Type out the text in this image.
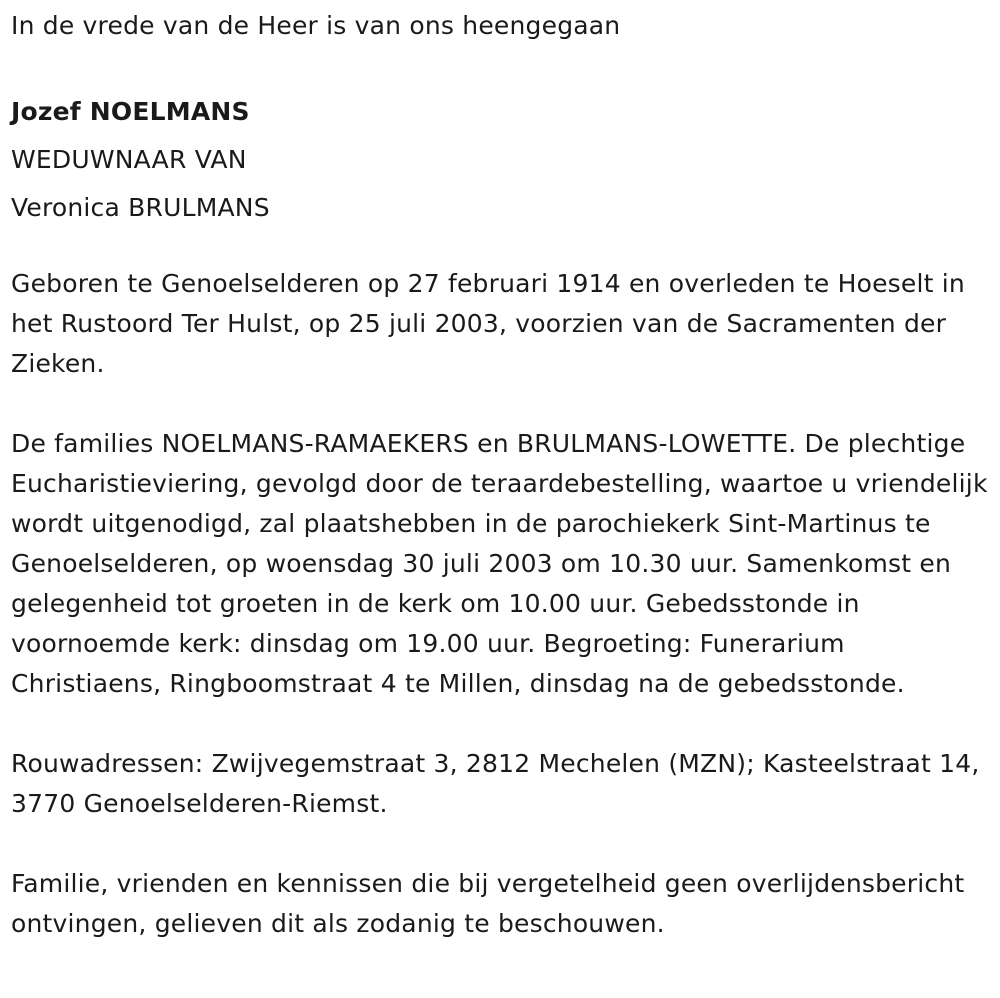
In de vrede van de Heer is van ons heengegaan

Jozef NOELMANS
WEDUWNAAR VAN
Veronica BRULMANS

Geboren te Genoelselderen op 27 februari 1914 en overleden te Hoeselt in het Rustoord Ter Hulst, op 25 juli 2003, voorzien van de Sacramenten der Zieken.

De families NOELMANS-RAMAEKERS en BRULMANS-LOWETTE. De plechtige Eucharistieviering, gevolgd door de teraardebestelling, waartoe u vriendelijk wordt uitgenodigd, zal plaatshebben in de parochiekerk Sint-Martinus te Genoelselderen, op woensdag 30 juli 2003 om 10.30 uur. Samenkomst en gelegenheid tot groeten in de kerk om 10.00 uur. Gebedsstonde in voornoemde kerk: dinsdag om 19.00 uur. Begroeting: Funerarium Christiaens, Ringboomstraat 4 te Millen, dinsdag na de gebedsstonde.

Rouwadressen: Zwijvegemstraat 3, 2812 Mechelen (MZN); Kasteelstraat 14, 3770 Genoelselderen-Riemst.

Familie, vrienden en kennissen die bij vergetelheid geen overlijdensbericht ontvingen, gelieven dit als zodanig te beschouwen.
